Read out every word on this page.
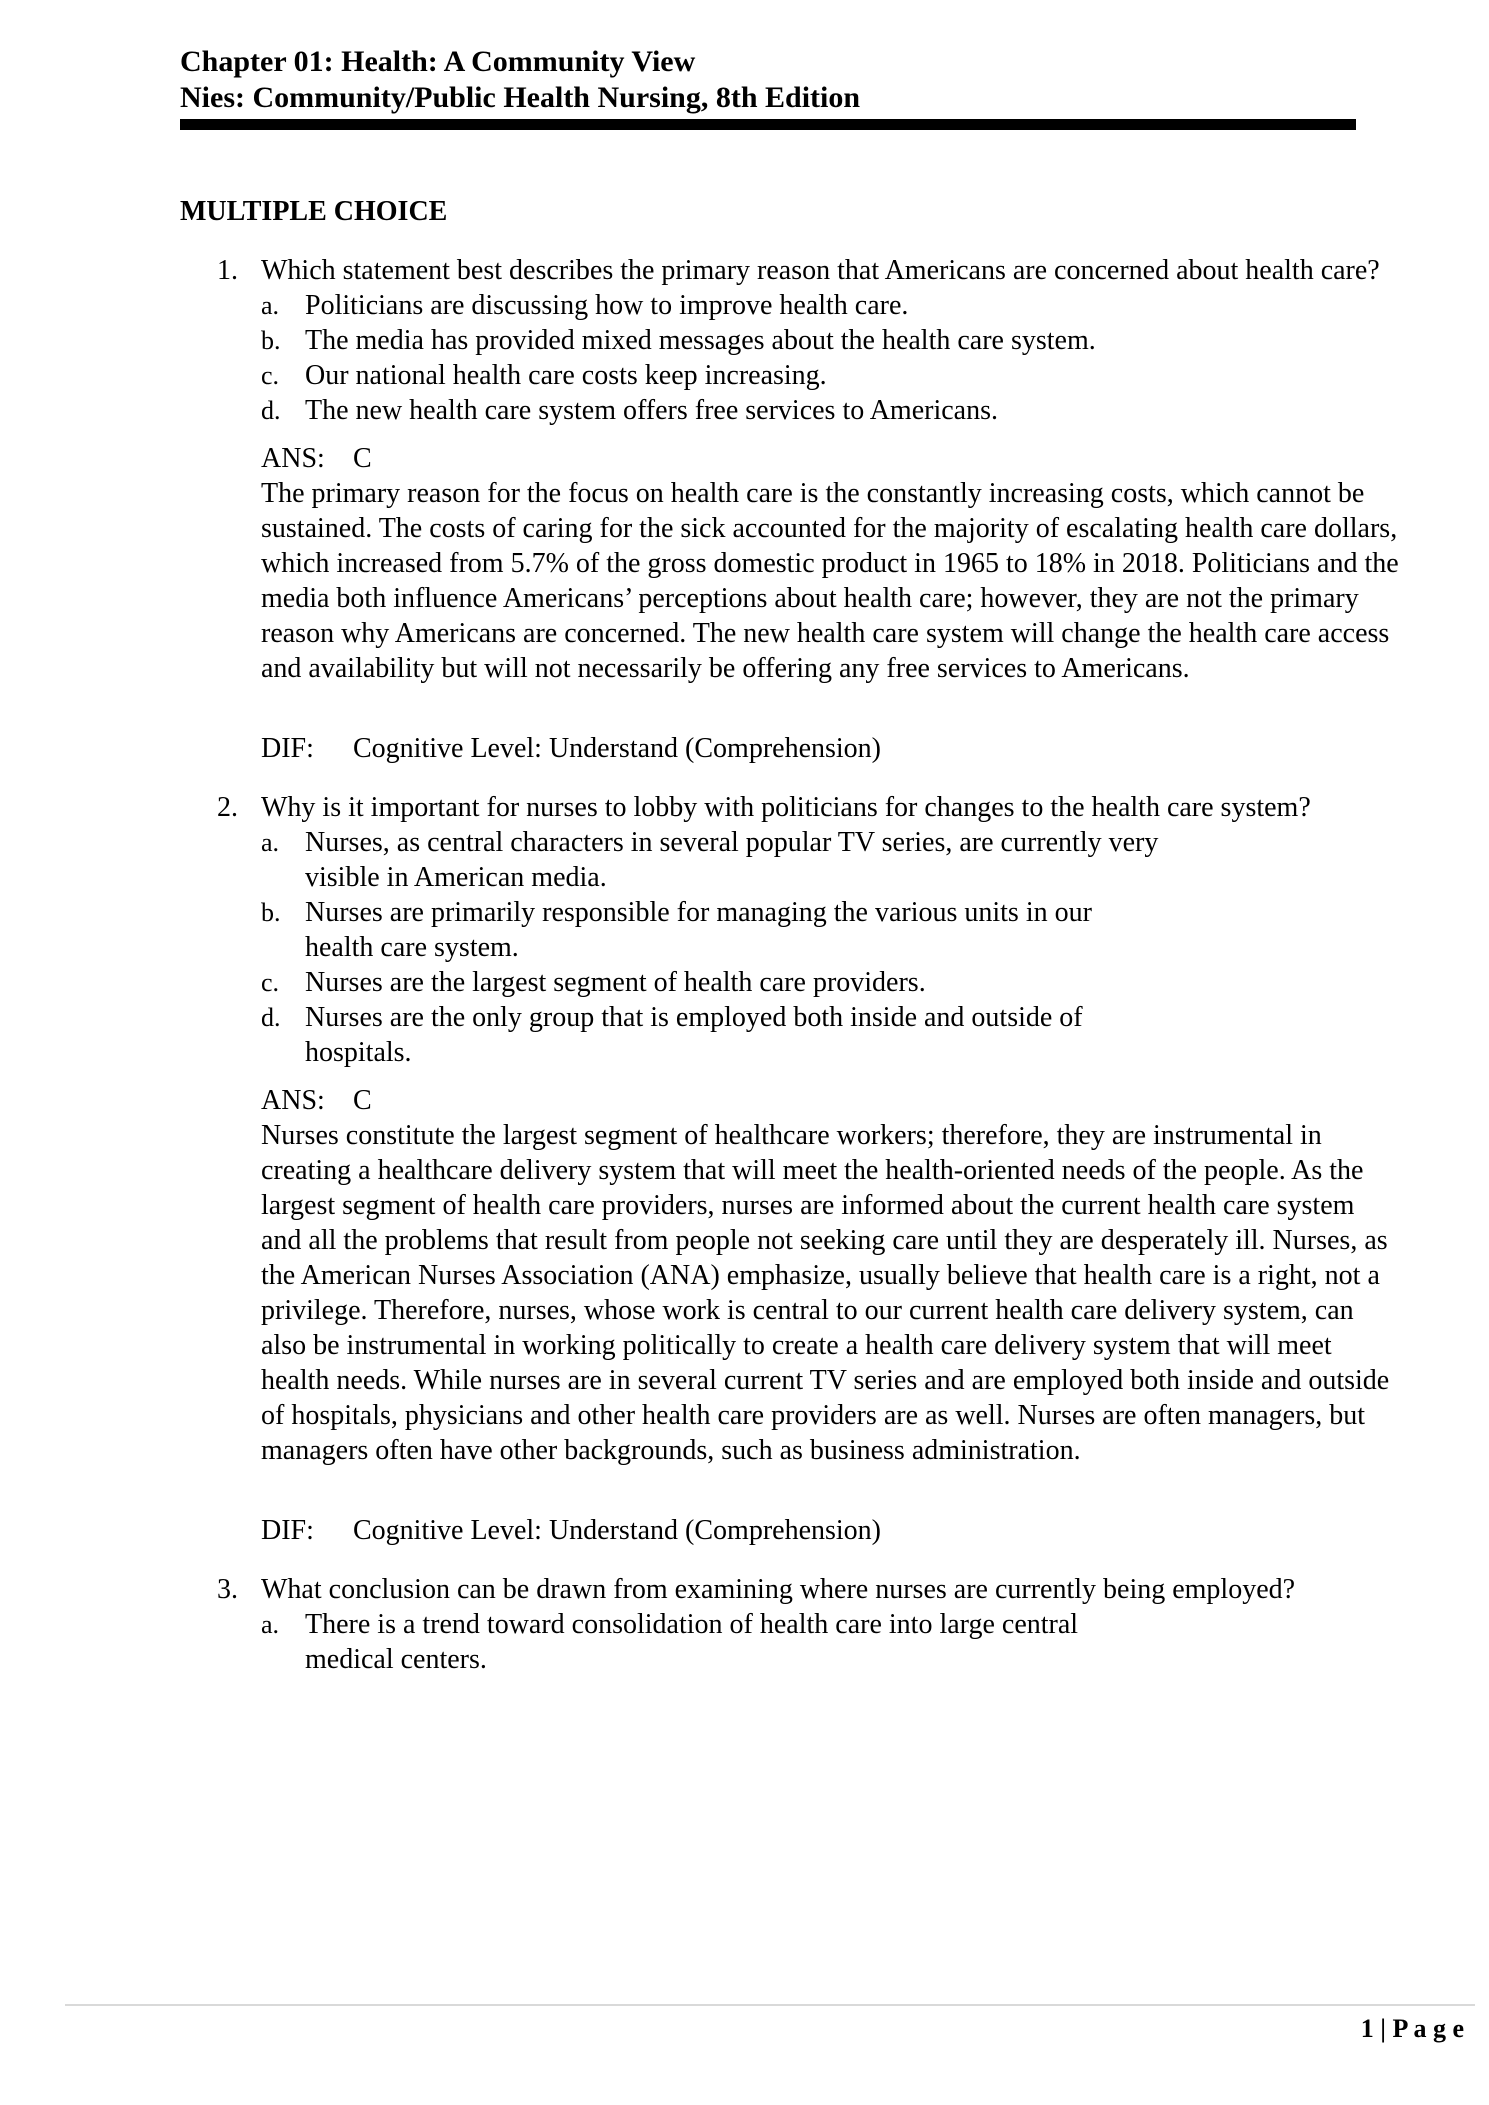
Chapter 01: Health: A Community View
Nies: Community/Public Health Nursing, 8th Edition
MULTIPLE CHOICE
1. Which statement best describes the primary reason that Americans are concerned about health care?
a. Politicians are discussing how to improve health care.
b. The media has provided mixed messages about the health care system.
c. Our national health care costs keep increasing.
d. The new health care system offers free services to Americans.
ANS: C
The primary reason for the focus on health care is the constantly increasing costs, which cannot be sustained. The costs of caring for the sick accounted for the majority of escalating health care dollars, which increased from 5.7% of the gross domestic product in 1965 to 18% in 2018. Politicians and the media both influence Americans’ perceptions about health care; however, they are not the primary reason why Americans are concerned. The new health care system will change the health care access and availability but will not necessarily be offering any free services to Americans.
DIF: Cognitive Level: Understand (Comprehension)
2. Why is it important for nurses to lobby with politicians for changes to the health care system?
a. Nurses, as central characters in several popular TV series, are currently very visible in American media.
b. Nurses are primarily responsible for managing the various units in our health care system.
c. Nurses are the largest segment of health care providers.
d. Nurses are the only group that is employed both inside and outside of hospitals.
ANS: C
Nurses constitute the largest segment of healthcare workers; therefore, they are instrumental in creating a healthcare delivery system that will meet the health-oriented needs of the people. As the largest segment of health care providers, nurses are informed about the current health care system and all the problems that result from people not seeking care until they are desperately ill. Nurses, as the American Nurses Association (ANA) emphasize, usually believe that health care is a right, not a privilege. Therefore, nurses, whose work is central to our current health care delivery system, can also be instrumental in working politically to create a health care delivery system that will meet health needs. While nurses are in several current TV series and are employed both inside and outside of hospitals, physicians and other health care providers are as well. Nurses are often managers, but managers often have other backgrounds, such as business administration.
DIF: Cognitive Level: Understand (Comprehension)
3. What conclusion can be drawn from examining where nurses are currently being employed?
a. There is a trend toward consolidation of health care into large central medical centers.
1 | P a g e
